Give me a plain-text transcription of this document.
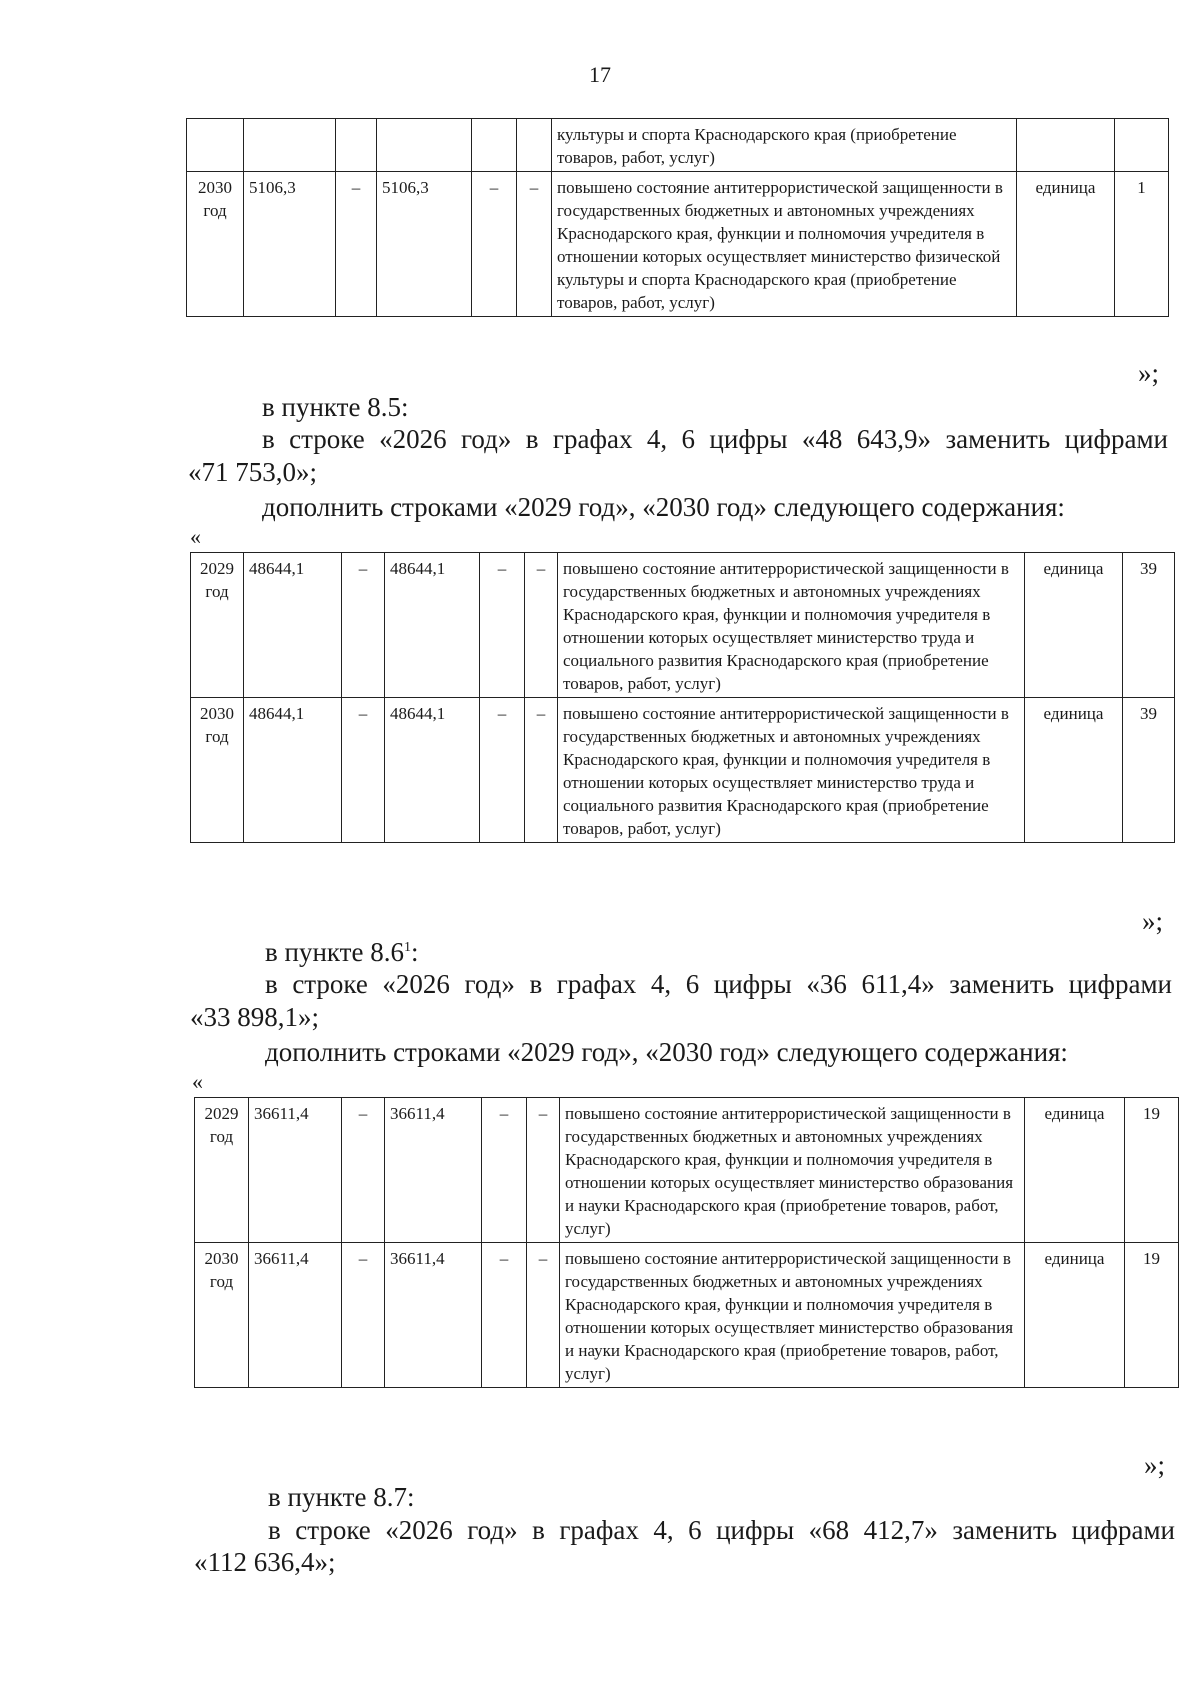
17
						культуры и спорта Краснодарского края (приобретение товаров, работ, услуг)		
2030 год	5106,3	–	5106,3	–	–	повышено состояние антитеррористической защищенности в государственных бюджетных и автономных учреждениях Краснодарского края, функции и полномочия учредителя в отношении которых осуществляет министерство физической культуры и спорта Краснодарского края (приобретение товаров, работ, услуг)	единица	1
»;

в пункте 8.5:

в строке «2026 год» в графах 4, 6 цифры «48 643,9» заменить цифрами

«71 753,0»;

дополнить строками «2029 год», «2030 год» следующего содержания:

«
2029 год	48644,1	–	48644,1	–	–	повышено состояние антитеррористической защищенности в государственных бюджетных и автономных учреждениях Краснодарского края, функции и полномочия учредителя в отношении которых осуществляет министерство труда и социального развития Краснодарского края (приобретение товаров, работ, услуг)	единица	39
2030 год	48644,1	–	48644,1	–	–	повышено состояние антитеррористической защищенности в государственных бюджетных и автономных учреждениях Краснодарского края, функции и полномочия учредителя в отношении которых осуществляет министерство труда и социального развития Краснодарского края (приобретение товаров, работ, услуг)	единица	39
»;

в пункте $8.6^1$:

в строке «2026 год» в графах 4, 6 цифры «36 611,4» заменить цифрами

«33 898,1»;

дополнить строками «2029 год», «2030 год» следующего содержания:

«
2029 год	36611,4	–	36611,4	–	–	повышено состояние антитеррористической защищенности в государственных бюджетных и автономных учреждениях Краснодарского края, функции и полномочия учредителя в отношении которых осуществляет министерство образования и науки Краснодарского края (приобретение товаров, работ, услуг)	единица	19
2030 год	36611,4	–	36611,4	–	–	повышено состояние антитеррористической защищенности в государственных бюджетных и автономных учреждениях Краснодарского края, функции и полномочия учредителя в отношении которых осуществляет министерство образования и науки Краснодарского края (приобретение товаров, работ, услуг)	единица	19
»;

в пункте 8.7:

в строке «2026 год» в графах 4, 6 цифры «68 412,7» заменить цифрами

«112 636,4»;
